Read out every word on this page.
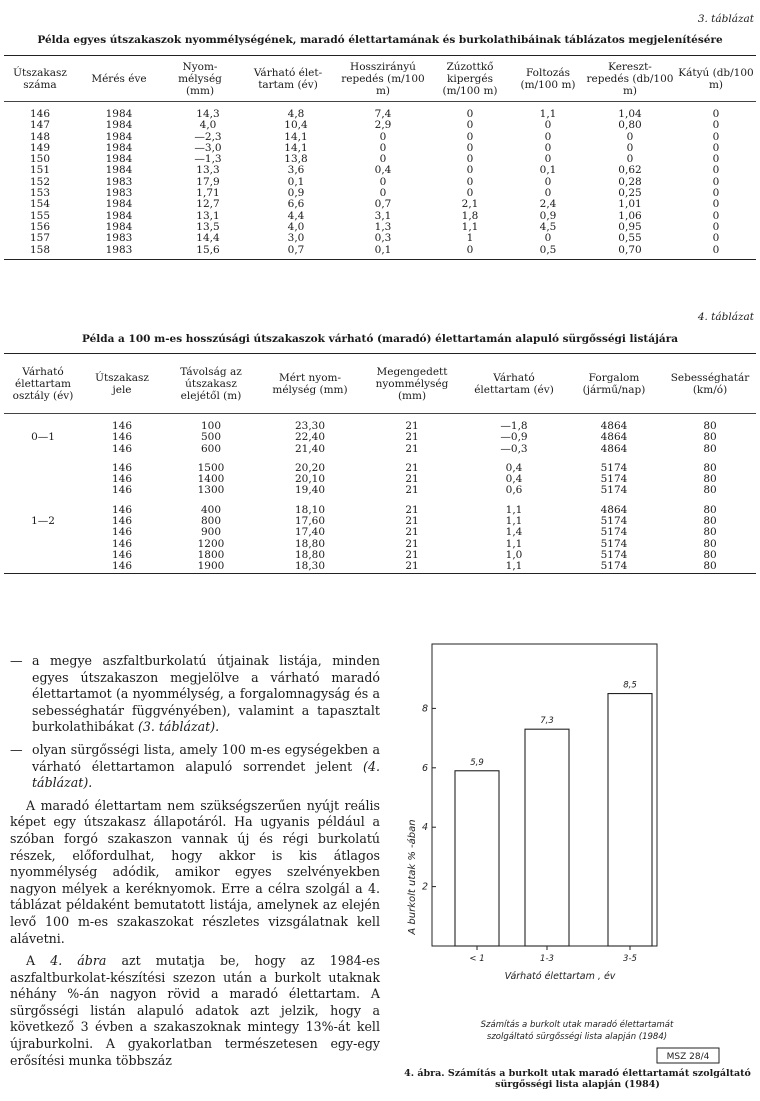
3. táblázat
Példa egyes útszakaszok nyommélységének, maradó élettartamának és burkolathibáinak táblázatos megjelenítésére
Útszakasz száma	Mérés éve	Nyom- mélység (mm)	Várható élet- tartam (év)	Hosszirányú repedés (m/100 m)	Zúzottkő kipergés (m/100 m)	Foltozás (m/100 m)	Kereszt- repedés (db/100 m)	Kátyú (db/100 m)

146	1984	14,3	4,8	7,4	0	1,1	1,04	0
147	1984	4,0	10,4	2,9	0	0	0,80	0
148	1984	—2,3	14,1	0	0	0	0	0
149	1984	—3,0	14,1	0	0	0	0	0
150	1984	—1,3	13,8	0	0	0	0	0
151	1984	13,3	3,6	0,4	0	0,1	0,62	0
152	1983	17,9	0,1	0	0	0	0,28	0
153	1983	1,71	0,9	0	0	0	0,25	0
154	1984	12,7	6,6	0,7	2,1	2,4	1,01	0
155	1984	13,1	4,4	3,1	1,8	0,9	1,06	0
156	1984	13,5	4,0	1,3	1,1	4,5	0,95	0
157	1983	14,4	3,0	0,3	1	0	0,55	0
158	1983	15,6	0,7	0,1	0	0,5	0,70	0
4. táblázat
Példa a 100 m-es hosszúsági útszakaszok várható (maradó) élettartamán alapuló sürgősségi listájára
Várható élettartam osztály (év)	Útszakasz jele	Távolság az útszakasz elejétől (m)	Mért nyom- mélység (mm)	Megengedett nyommélység (mm)	Várható élettartam (év)	Forgalom (jármű/nap)	Sebességhatár (km/ó)

	146	100	23,30	21	—1,8	4864	80
0—1	146	500	22,40	21	—0,9	4864	80
	146	600	21,40	21	—0,3	4864	80

	146	1500	20,20	21	0,4	5174	80
	146	1400	20,10	21	0,4	5174	80
	146	1300	19,40	21	0,6	5174	80

	146	400	18,10	21	1,1	4864	80
1—2	146	800	17,60	21	1,1	5174	80
	146	900	17,40	21	1,4	5174	80
	146	1200	18,80	21	1,1	5174	80
	146	1800	18,80	21	1,0	5174	80
	146	1900	18,30	21	1,1	5174	80
— a megye aszfaltburkolatú útjainak listája, minden egyes útszakaszon megjelölve a várható maradó élettartamot (a nyommélység, a forgalomnagyság és a sebességhatár függvényében), valamint a tapasztalt burkolathibákat (3. táblázat).
— olyan sürgősségi lista, amely 100 m-es egységekben a várható élettartamon alapuló sorrendet jelent (4. táblázat).

A maradó élettartam nem szükségszerűen nyújt reális képet egy útszakasz állapotáról. Ha ugyanis például a szóban forgó szakaszon vannak új és régi burkolatú részek, előfordulhat, hogy akkor is kis átlagos nyommélység adódik, amikor egyes szelvényekben nagyon mélyek a keréknyomok. Erre a célra szolgál a 4. táblázat példaként bemutatott listája, amelynek az elején levő 100 m-es szakaszokat részletes vizsgálatnak kell alávetni.

A 4. ábra azt mutatja be, hogy az 1984-es aszfaltburkolat-készítési szezon után a burkolt utaknak néhány %-án nagyon rövid a maradó élettartam. A sürgősségi listán alapuló adatok azt jelzik, hogy a következő 3 évben a szakaszoknak mintegy 13%-át kell újraburkolni. A gyakorlatban természetesen egy-egy erősítési munka többszáz

5,9
7,3
8,5
2
4
6
8
< 1	1-3	3-5
A burkolt utak % -ában
Várható élettartam , év
Számítás a burkolt utak maradó élettartamát
szolgáltató sürgősségi lista alapján (1984)
MSZ 28/4
4. ábra. Számítás a burkolt utak maradó élettartamát szolgáltató sürgősségi lista alapján (1984)
